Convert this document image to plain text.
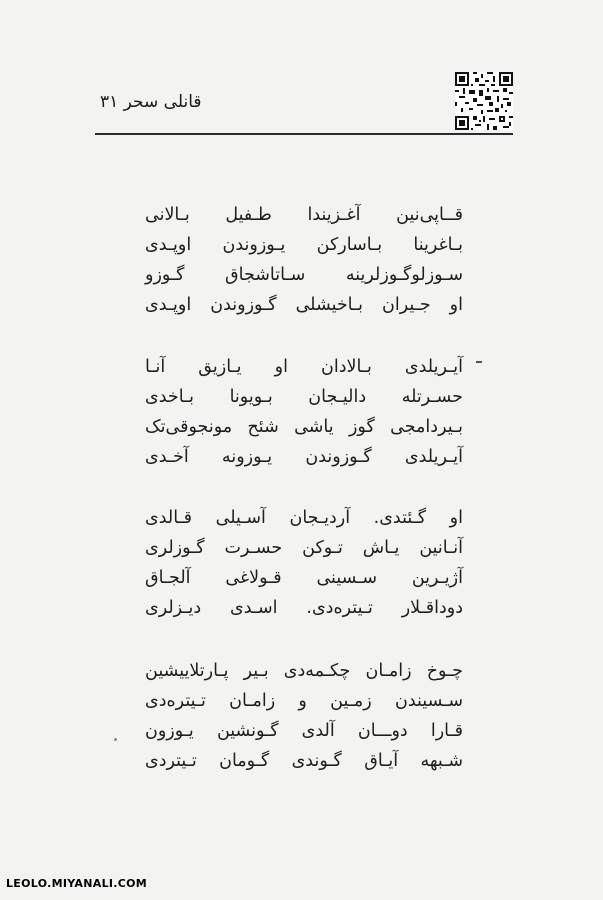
قانلی سحر ۳۱
قــاپی‌نین آغـزیندا طـفیل بـالانی
بـاغرینا بـاسارکن یـوزوندن اوپـدی
سـوزلوگـوزلرینه سـاتاشجاق گـوزو
او جـیران بـاخیشلی گـوزوندن اوپـدی
آیـریلدی بـالادان او یـازیق آنـا
حسـرتله دالیـجان بـویونا بـاخدی
بـیردامجی گوز یاشی شئح مونجوقی‌تک
آیـریلدی گـوزوندن یـوزونه آخـدی
او گـئتدی. آردیـجان آسـیلی قـالدی
آنـانین یـاش تـوکن حسـرت گـوزلری
آژیـرین سـسینی قـولاغی آلجـاق
دوداقـلار تـیتره‌دی. اسـدی دیـزلری
چـوخ زامـان چکـمه‌دی بـیر پـارتلاییشین
سـسیندن زمـین و زامـان تـیتره‌دی
قـارا دو‌ـــان آلدی گـونشین یـوزون
شـبهه آیـاق گـوندی گـومان تـیتردی
LEOLO.MIYANALI.COM
